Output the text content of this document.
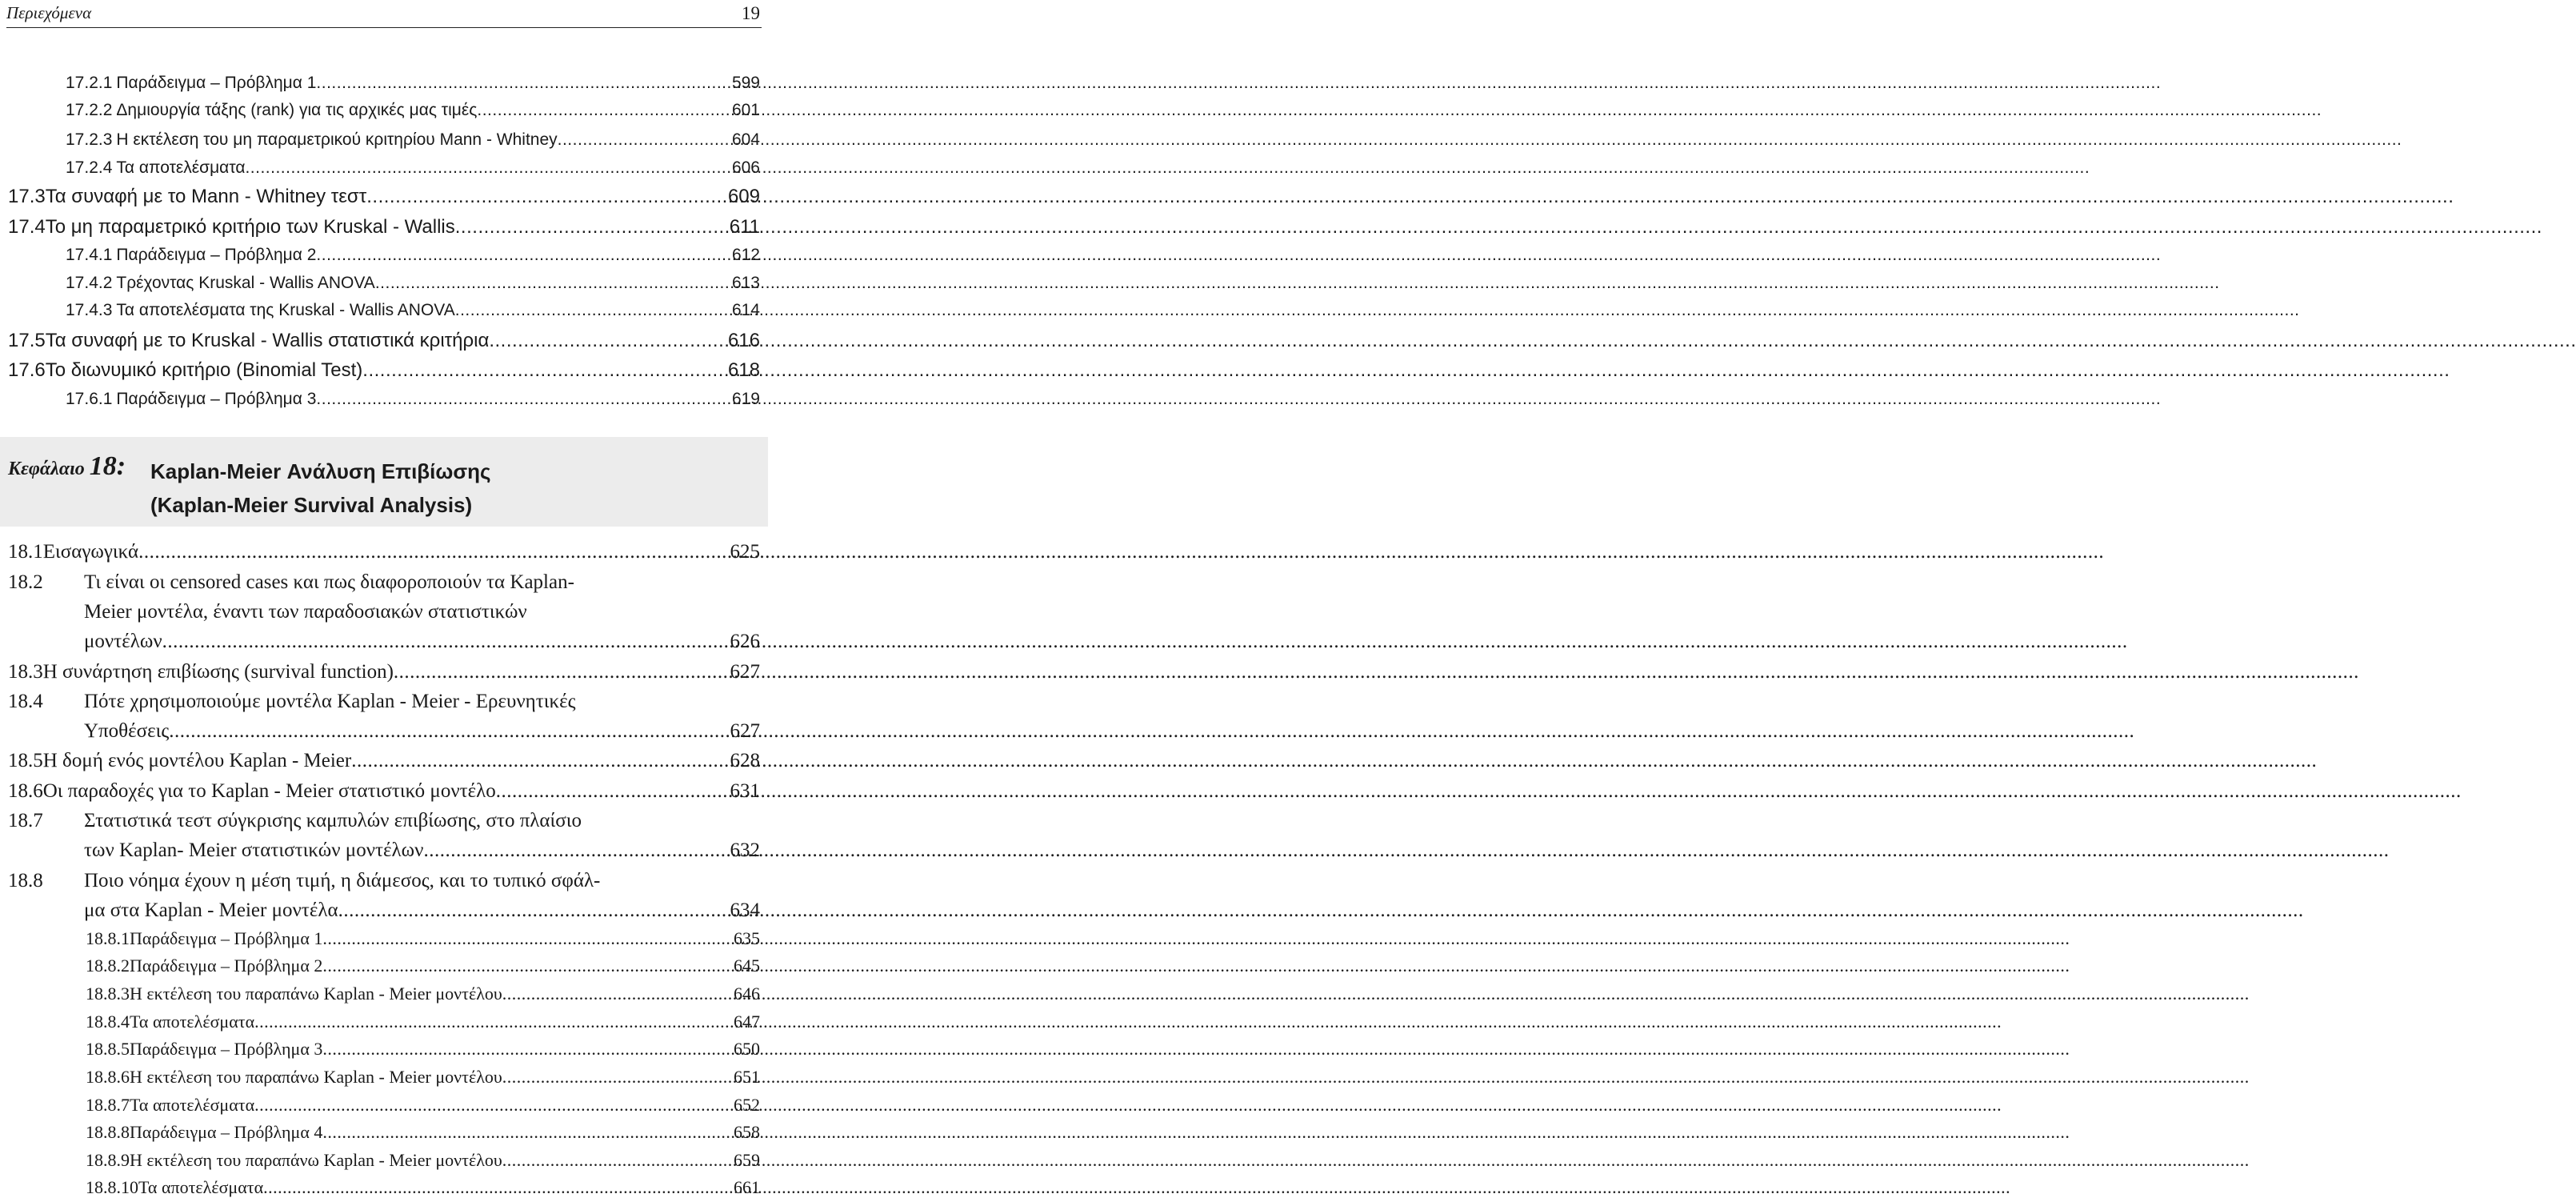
Περιεχόμενα	19
17.2.1 Παράδειγμα – Πρόβλημα 1 .....	599
17.2.2 Δημιουργία τάξης (rank) για τις αρχικές μας τιμές .....	601
17.2.3 Η εκτέλεση του μη παραμετρικού κριτηρίου Mann - Whitney .....	604
17.2.4 Τα αποτελέσματα .....	606
17.3 Τα συναφή με το Mann - Whitney τεστ .....	609
17.4 Το μη παραμετρικό κριτήριο των Kruskal - Wallis .....	611
17.4.1 Παράδειγμα – Πρόβλημα 2 .....	612
17.4.2 Τρέχοντας Kruskal - Wallis ANOVA .....	613
17.4.3 Τα αποτελέσματα της Kruskal - Wallis ANOVA .....	614
17.5 Τα συναφή με το Kruskal - Wallis στατιστικά κριτήρια .....	616
17.6 Το διωνυμικό κριτήριο (Binomial Test) .....	618
17.6.1 Παράδειγμα – Πρόβλημα 3 .....	619
Κεφάλαιο 18: Kaplan-Meier Ανάλυση Επιβίωσης
(Kaplan-Meier Survival Analysis)
18.1 Εισαγωγικά .....	625
18.2	Τι είναι οι censored cases και πως διαφοροποιούν τα Kaplan-
Meier μοντέλα, έναντι των παραδοσιακών στατιστικών
μοντέλων .....	626
18.3 Η συνάρτηση επιβίωσης (survival function) .....	627
18.4	Πότε χρησιμοποιούμε μοντέλα Kaplan - Meier - Ερευνητικές
Υποθέσεις .....	627
18.5 Η δομή ενός μοντέλου Kaplan - Meier .....	628
18.6 Οι παραδοχές για το Kaplan - Meier στατιστικό μοντέλο .....	631
18.7	Στατιστικά τεστ σύγκρισης καμπυλών επιβίωσης, στο πλαίσιο
των Kaplan- Meier στατιστικών μοντέλων .....	632
18.8	Ποιο νόημα έχουν η μέση τιμή, η διάμεσος, και το τυπικό σφάλ-
μα στα Kaplan - Meier μοντέλα .....	634
18.8.1 Παράδειγμα – Πρόβλημα 1 .....	635
18.8.2 Παράδειγμα – Πρόβλημα 2 .....	645
18.8.3 Η εκτέλεση του παραπάνω Kaplan - Meier μοντέλου .....	646
18.8.4 Τα αποτελέσματα .....	647
18.8.5 Παράδειγμα – Πρόβλημα 3 .....	650
18.8.6 Η εκτέλεση του παραπάνω Kaplan - Meier μοντέλου .....	651
18.8.7 Τα αποτελέσματα .....	652
18.8.8 Παράδειγμα – Πρόβλημα 4 .....	658
18.8.9 Η εκτέλεση του παραπάνω Kaplan - Meier μοντέλου .....	659
18.8.10 Τα αποτελέσματα .....	661
